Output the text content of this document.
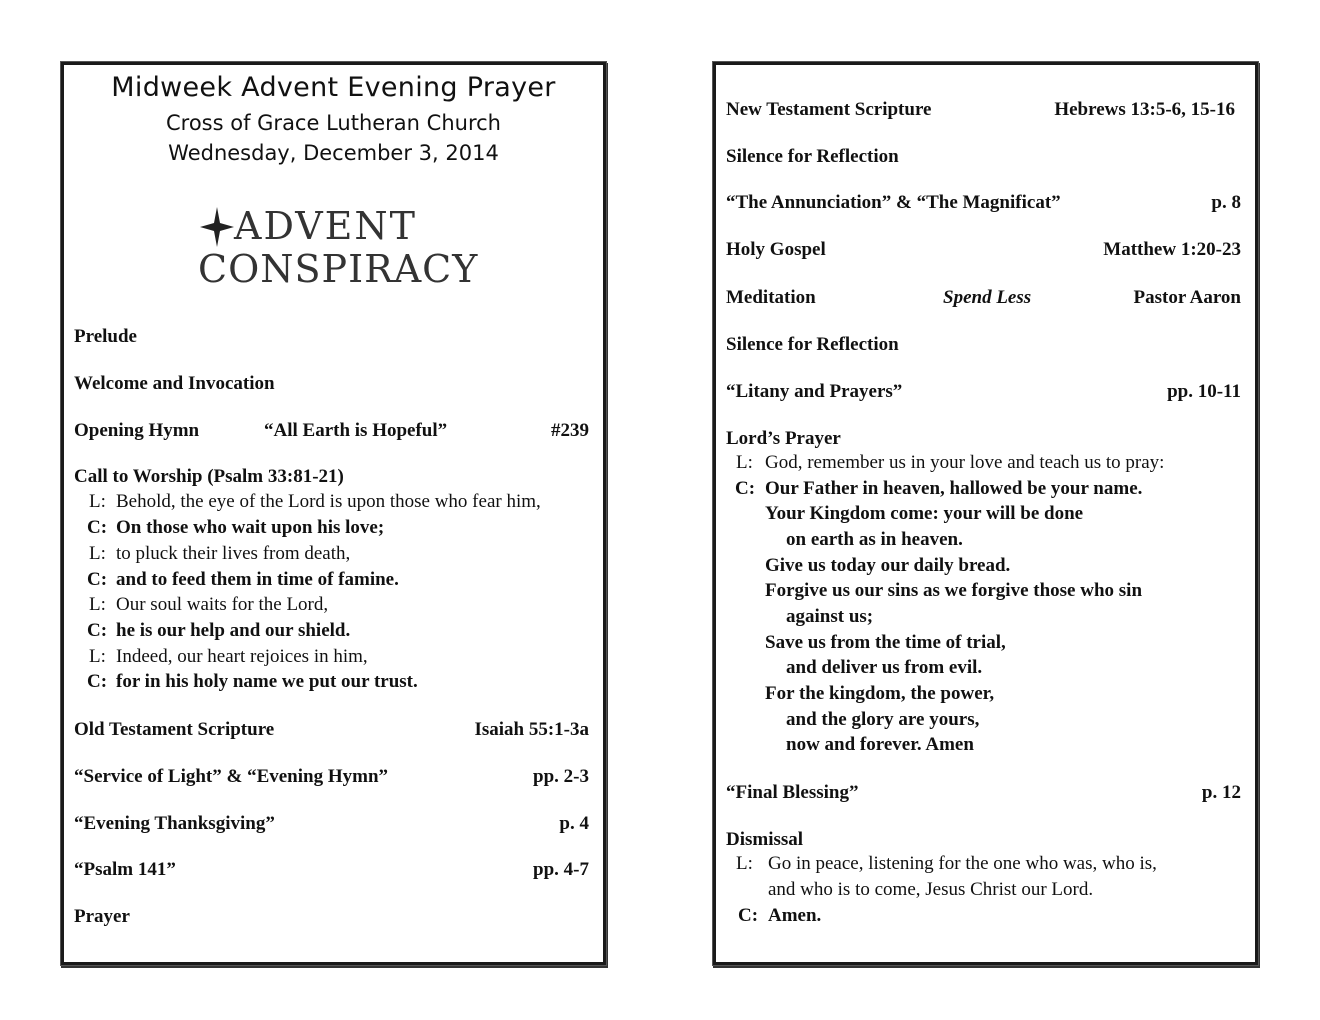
Midweek Advent Evening Prayer
Cross of Grace Lutheran Church
Wednesday, December 3, 2014
ADVENT
CONSPIRACY
Prelude
Welcome and Invocation
Opening Hymn	“All Earth is Hopeful”	#239
Call to Worship (Psalm 33:81-21)
L: Behold, the eye of the Lord is upon those who fear him,
C: On those who wait upon his love;
L: to pluck their lives from death,
C: and to feed them in time of famine.
L: Our soul waits for the Lord,
C: he is our help and our shield.
L: Indeed, our heart rejoices in him,
C: for in his holy name we put our trust.
Old Testament Scripture	Isaiah 55:1-3a
“Service of Light” & “Evening Hymn”	pp. 2-3
“Evening Thanksgiving”	p. 4
“Psalm 141”	pp. 4-7
Prayer
New Testament Scripture	Hebrews 13:5-6, 15-16
Silence for Reflection
“The Annunciation” & “The Magnificat”	p. 8
Holy Gospel	Matthew 1:20-23
Meditation	Spend Less	Pastor Aaron
Silence for Reflection
“Litany and Prayers”	pp. 10-11
Lord’s Prayer
L: God, remember us in your love and teach us to pray:
C: Our Father in heaven, hallowed be your name.
Your Kingdom come: your will be done
on earth as in heaven.
Give us today our daily bread.
Forgive us our sins as we forgive those who sin
against us;
Save us from the time of trial,
and deliver us from evil.
For the kingdom, the power,
and the glory are yours,
now and forever. Amen
“Final Blessing”	p. 12
Dismissal
L: Go in peace, listening for the one who was, who is,
and who is to come, Jesus Christ our Lord.
C: Amen.
